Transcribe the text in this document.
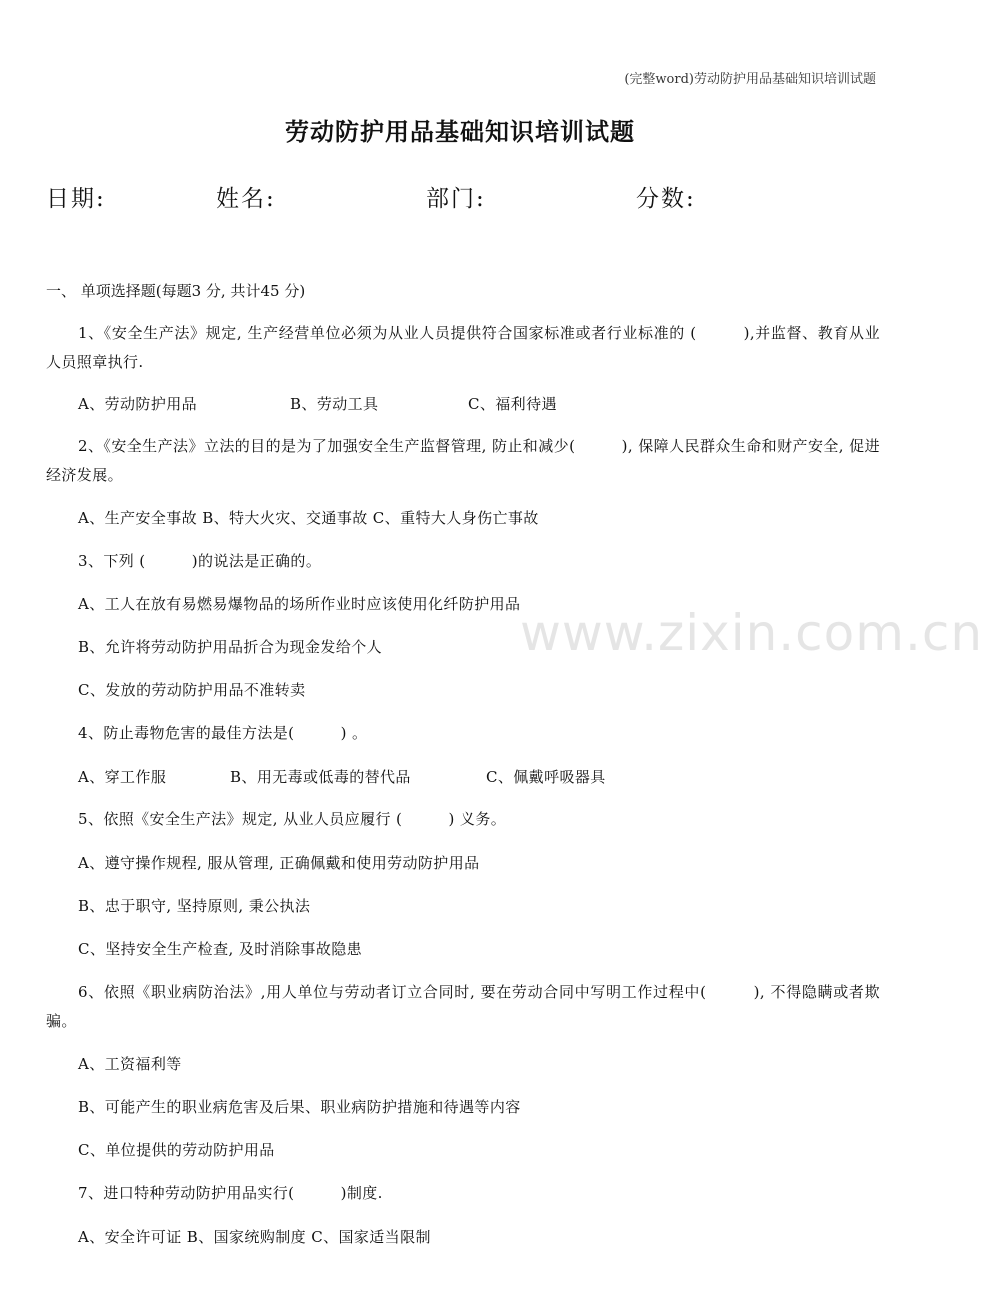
(完整word)劳动防护用品基础知识培训试题
劳动防护用品基础知识培训试题
日期:	姓名:	部门:	分数:
一、 单项选择题(每题3 分, 共计45 分)
1、《安全生产法》规定, 生产经营单位必须为从业人员提供符合国家标准或者行业标准的 (　　　),并监督、教育从业人员照章执行.
A、劳动防护用品	B、劳动工具	C、福利待遇
2、《安全生产法》立法的目的是为了加强安全生产监督管理, 防止和减少(　　　), 保障人民群众生命和财产安全, 促进经济发展。
A、生产安全事故 B、特大火灾、交通事故 C、重特大人身伤亡事故
3、下列 (　　　)的说法是正确的。
A、工人在放有易燃易爆物品的场所作业时应该使用化纤防护用品
B、允许将劳动防护用品折合为现金发给个人
C、发放的劳动防护用品不准转卖
4、防止毒物危害的最佳方法是(　　　) 。
A、穿工作服	B、用无毒或低毒的替代品	C、佩戴呼吸器具
5、依照《安全生产法》规定, 从业人员应履行 (　　　) 义务。
A、遵守操作规程, 服从管理, 正确佩戴和使用劳动防护用品
B、忠于职守, 坚持原则, 秉公执法
C、坚持安全生产检查, 及时消除事故隐患
6、依照《职业病防治法》,用人单位与劳动者订立合同时, 要在劳动合同中写明工作过程中(　　　), 不得隐瞒或者欺骗。
A、工资福利等
B、可能产生的职业病危害及后果、职业病防护措施和待遇等内容
C、单位提供的劳动防护用品
7、进口特种劳动防护用品实行(　　　)制度.
A、安全许可证 B、国家统购制度 C、国家适当限制
www.zixin.com.cn
